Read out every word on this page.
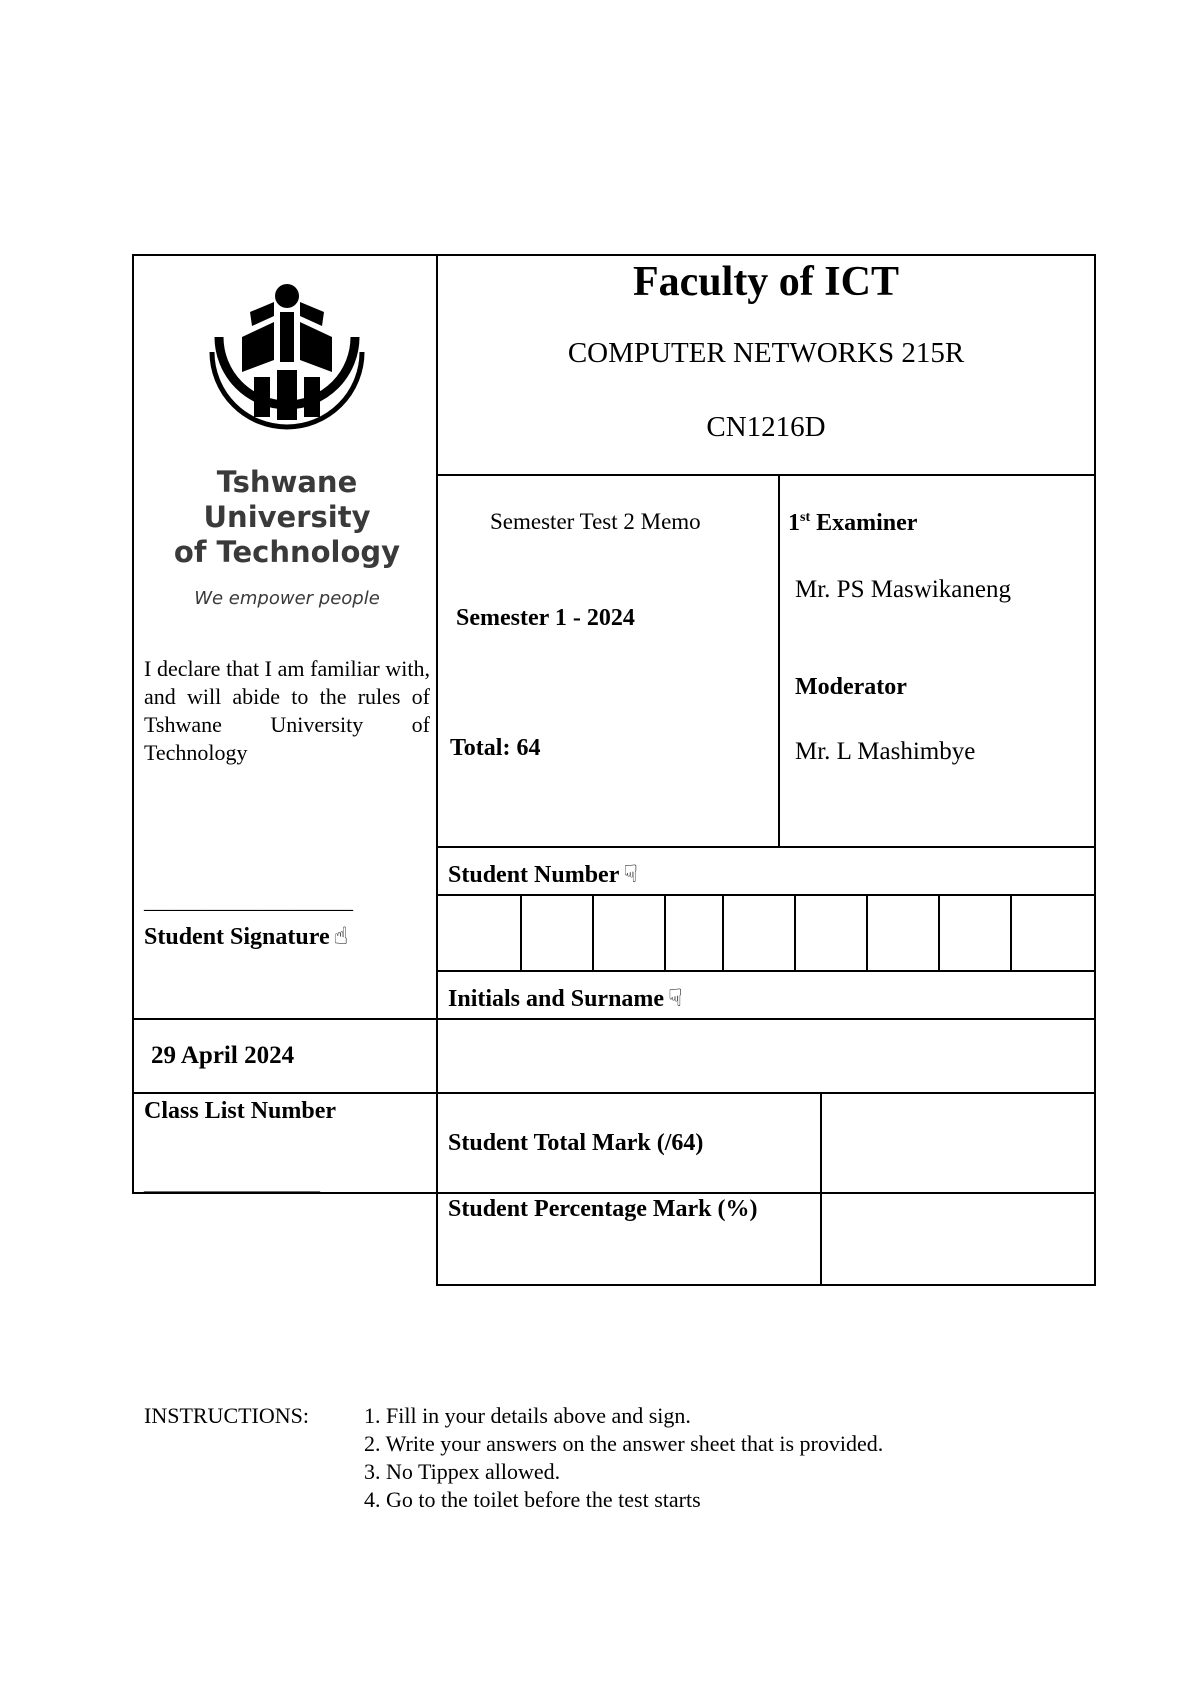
Faculty of ICT
COMPUTER NETWORKS 215R
CN1216D
Tshwane University
of Technology
We empower people
I declare that I am familiar with, and will abide to the rules of Tshwane University of Technology
Semester Test 2 Memo
Semester 1 - 2024
Total: 64
1st Examiner
Mr. PS Maswikaneng
Moderator
Mr. L Mashimbye
Student Number ☟
___________________
Student Signature ☝
Initials and Surname ☟
29 April 2024
Class List Number
________________
Student Total Mark (/64)
Student Percentage Mark (%)
INSTRUCTIONS: 1. Fill in your details above and sign.
2. Write your answers on the answer sheet that is provided.
3. No Tippex allowed.
4. Go to the toilet before the test starts
